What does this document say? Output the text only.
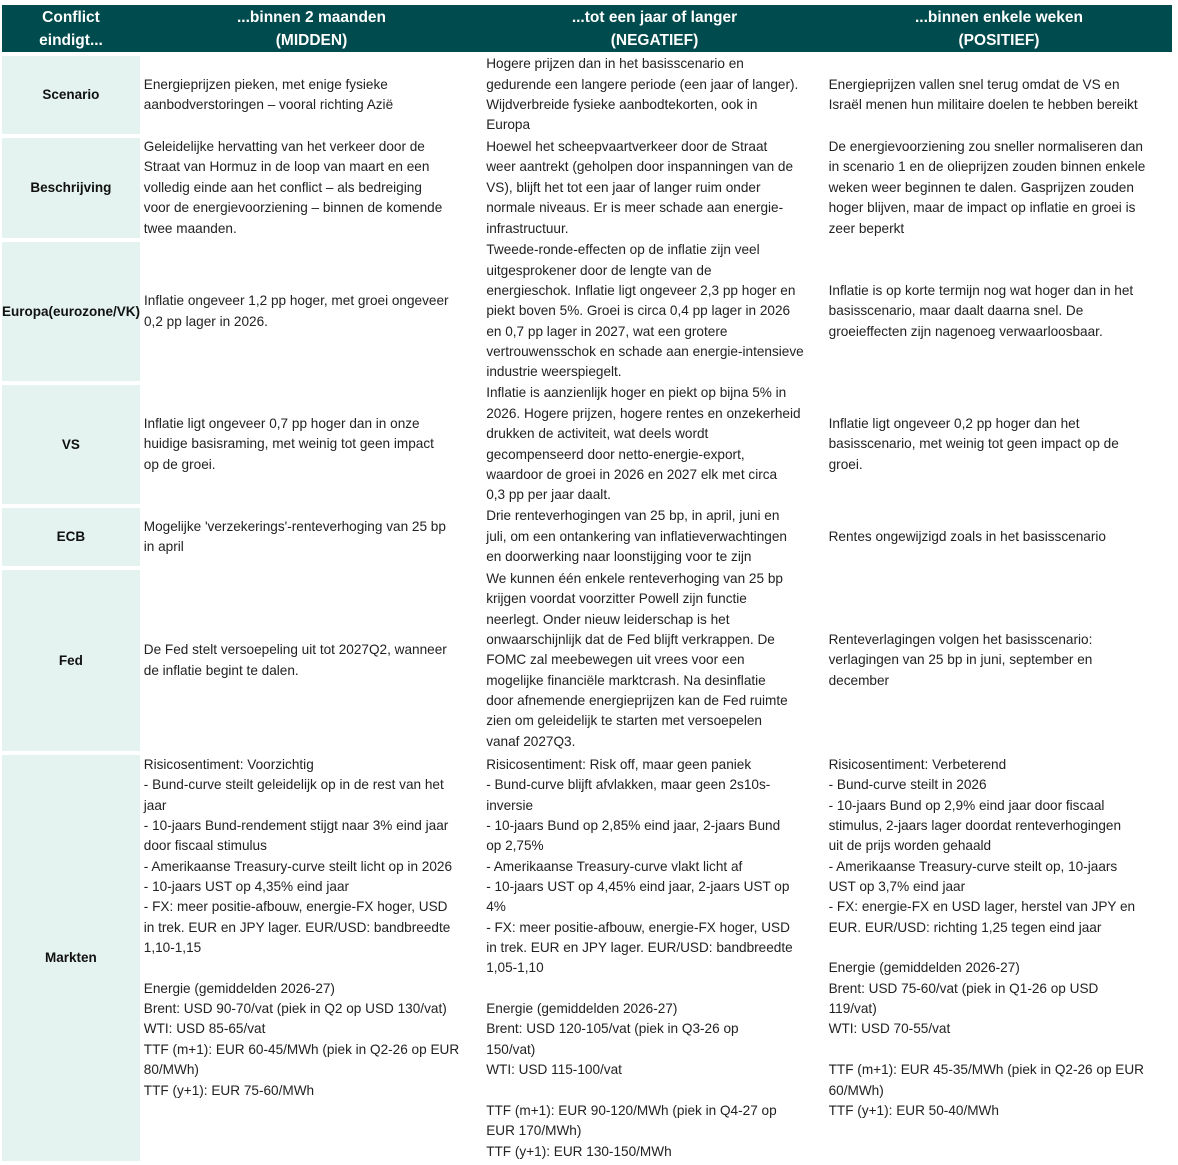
Conflict
eindigt...
...binnen 2 maanden
(MIDDEN)
...tot een jaar of langer
(NEGATIEF)
...binnen enkele weken
(POSITIEF)
Scenario
Energieprijzen pieken, met enige fysieke
aanbodverstoringen – vooral richting Azië
Hogere prijzen dan in het basisscenario en
gedurende een langere periode (een jaar of langer).
Wijdverbreide fysieke aanbodtekorten, ook in
Europa
Energieprijzen vallen snel terug omdat de VS en
Israël menen hun militaire doelen te hebben bereikt
Beschrijving
Geleidelijke hervatting van het verkeer door de
Straat van Hormuz in de loop van maart en een
volledig einde aan het conflict – als bedreiging
voor de energievoorziening – binnen de komende
twee maanden.
Hoewel het scheepvaartverkeer door de Straat
weer aantrekt (geholpen door inspanningen van de
VS), blijft het tot een jaar of langer ruim onder
normale niveaus. Er is meer schade aan energie-
infrastructuur.
De energievoorziening zou sneller normaliseren dan
in scenario 1 en de olieprijzen zouden binnen enkele
weken weer beginnen te dalen. Gasprijzen zouden
hoger blijven, maar de impact op inflatie en groei is
zeer beperkt
Europa (eurozone/VK)
Inflatie ongeveer 1,2 pp hoger, met groei ongeveer
0,2 pp lager in 2026.
Tweede-ronde-effecten op de inflatie zijn veel
uitgesprokener door de lengte van de
energieschok. Inflatie ligt ongeveer 2,3 pp hoger en
piekt boven 5%. Groei is circa 0,4 pp lager in 2026
en 0,7 pp lager in 2027, wat een grotere
vertrouwensschok en schade aan energie-intensieve
industrie weerspiegelt.
Inflatie is op korte termijn nog wat hoger dan in het
basisscenario, maar daalt daarna snel. De
groeieffecten zijn nagenoeg verwaarloosbaar.
VS
Inflatie ligt ongeveer 0,7 pp hoger dan in onze
huidige basisraming, met weinig tot geen impact
op de groei.
Inflatie is aanzienlijk hoger en piekt op bijna 5% in
2026. Hogere prijzen, hogere rentes en onzekerheid
drukken de activiteit, wat deels wordt
gecompenseerd door netto-energie-export,
waardoor de groei in 2026 en 2027 elk met circa
0,3 pp per jaar daalt.
Inflatie ligt ongeveer 0,2 pp hoger dan het
basisscenario, met weinig tot geen impact op de
groei.
ECB
Mogelijke 'verzekerings'-renteverhoging van 25 bp
in april
Drie renteverhogingen van 25 bp, in april, juni en
juli, om een ontankering van inflatieverwachtingen
en doorwerking naar loonstijging voor te zijn
Rentes ongewijzigd zoals in het basisscenario
Fed
De Fed stelt versoepeling uit tot 2027Q2, wanneer
de inflatie begint te dalen.
We kunnen één enkele renteverhoging van 25 bp
krijgen voordat voorzitter Powell zijn functie
neerlegt. Onder nieuw leiderschap is het
onwaarschijnlijk dat de Fed blijft verkrappen. De
FOMC zal meebewegen uit vrees voor een
mogelijke financiële marktcrash. Na desinflatie
door afnemende energieprijzen kan de Fed ruimte
zien om geleidelijk te starten met versoepelen
vanaf 2027Q3.
Renteverlagingen volgen het basisscenario:
verlagingen van 25 bp in juni, september en
december
Markten
Risicosentiment: Voorzichtig
- Bund-curve steilt geleidelijk op in de rest van het
jaar
- 10-jaars Bund-rendement stijgt naar 3% eind jaar
door fiscaal stimulus
- Amerikaanse Treasury-curve steilt licht op in 2026
- 10-jaars UST op 4,35% eind jaar
- FX: meer positie-afbouw, energie-FX hoger, USD
in trek. EUR en JPY lager. EUR/USD: bandbreedte
1,10-1,15
Energie (gemiddelden 2026-27)
Brent: USD 90-70/vat (piek in Q2 op USD 130/vat)
WTI: USD 85-65/vat
TTF (m+1): EUR 60-45/MWh (piek in Q2-26 op EUR
80/MWh)
TTF (y+1): EUR 75-60/MWh
Risicosentiment: Risk off, maar geen paniek
- Bund-curve blijft afvlakken, maar geen 2s10s-
inversie
- 10-jaars Bund op 2,85% eind jaar, 2-jaars Bund
op 2,75%
- Amerikaanse Treasury-curve vlakt licht af
- 10-jaars UST op 4,45% eind jaar, 2-jaars UST op
4%
- FX: meer positie-afbouw, energie-FX hoger, USD
in trek. EUR en JPY lager. EUR/USD: bandbreedte
1,05-1,10
Energie (gemiddelden 2026-27)
Brent: USD 120-105/vat (piek in Q3-26 op
150/vat)
WTI: USD 115-100/vat
TTF (m+1): EUR 90-120/MWh (piek in Q4-27 op
EUR 170/MWh)
TTF (y+1): EUR 130-150/MWh
Risicosentiment: Verbeterend
- Bund-curve steilt in 2026
- 10-jaars Bund op 2,9% eind jaar door fiscaal
stimulus, 2-jaars lager doordat renteverhogingen
uit de prijs worden gehaald
- Amerikaanse Treasury-curve steilt op, 10-jaars
UST op 3,7% eind jaar
- FX: energie-FX en USD lager, herstel van JPY en
EUR. EUR/USD: richting 1,25 tegen eind jaar
Energie (gemiddelden 2026-27)
Brent: USD 75-60/vat (piek in Q1-26 op USD
119/vat)
WTI: USD 70-55/vat
TTF (m+1): EUR 45-35/MWh (piek in Q2-26 op EUR
60/MWh)
TTF (y+1): EUR 50-40/MWh
